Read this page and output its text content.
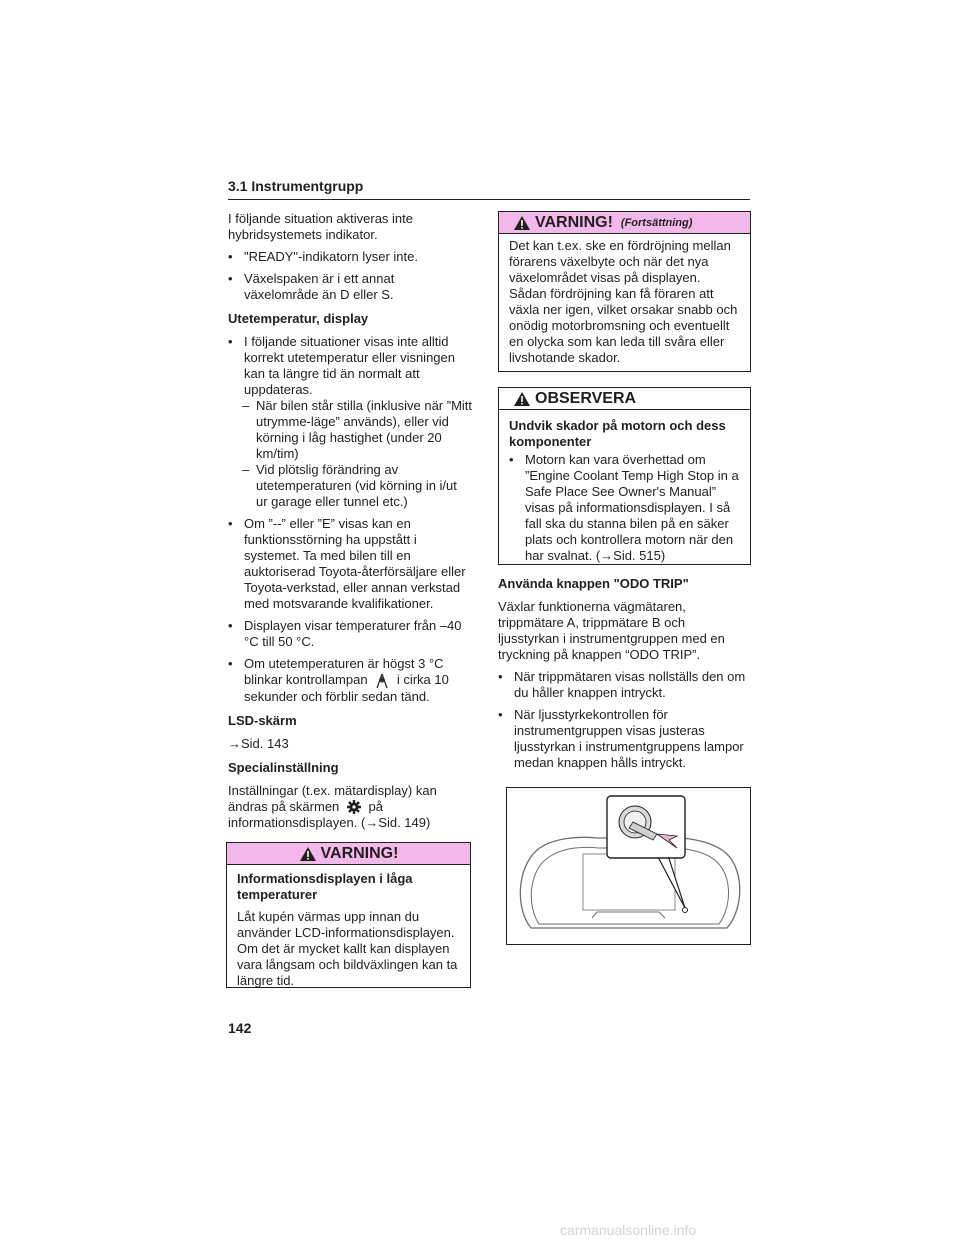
3.1 Instrumentgrupp

I följande situation aktiveras inte hybridsystemets indikator.

• "READY"-indikatorn lyser inte.
• Växelspaken är i ett annat växelområde än D eller S.
Utetemperatur, display
• I följande situationer visas inte alltid korrekt utetemperatur eller visningen kan ta längre tid än normalt att uppdateras.
– När bilen står stilla (inklusive när ”Mitt utrymme-läge” används), eller vid körning i låg hastighet (under 20 km/tim)
– Vid plötslig förändring av utetemperaturen (vid körning in i/ut ur garage eller tunnel etc.)
• Om ”--” eller ”E” visas kan en funktionsstörning ha uppstått i systemet. Ta med bilen till en auktoriserad Toyota-återförsäljare eller Toyota-verkstad, eller annan verkstad med motsvarande kvalifikationer.
• Displayen visar temperaturer från –40 °C till 50 °C.
• Om utetemperaturen är högst 3 °C blinkar kontrollampan i cirka 10 sekunder och förblir sedan tänd.
LSD-skärm

→Sid. 143

Specialinställning

Inställningar (t.ex. mätardisplay) kan ändras på skärmen på informationsdisplayen. (→Sid. 149)

VARNING!
Informationsdisplayen i låga temperaturer

Låt kupén värmas upp innan du använder LCD-informationsdisplayen. Om det är mycket kallt kan displayen vara långsam och bildväxlingen kan ta längre tid.

VARNING! (Fortsättning)

Det kan t.ex. ske en fördröjning mellan förarens växelbyte och när det nya växelområdet visas på displayen. Sådan fördröjning kan få föraren att växla ner igen, vilket orsakar snabb och onödig motorbromsning och eventuellt en olycka som kan leda till svåra eller livshotande skador.

OBSERVERA
Undvik skador på motorn och dess komponenter
• Motorn kan vara överhettad om ”Engine Coolant Temp High Stop in a Safe Place See Owner's Manual” visas på informationsdisplayen. I så fall ska du stanna bilen på en säker plats och kontrollera motorn när den har svalnat. (→Sid. 515)
Använda knappen "ODO TRIP"

Växlar funktionerna vägmätaren, trippmätare A, trippmätare B och ljusstyrkan i instrumentgruppen med en tryckning på knappen “ODO TRIP”.

• När trippmätaren visas nollställs den om du håller knappen intryckt.
• När ljusstyrkekontrollen för instrumentgruppen visas justeras ljusstyrkan i instrumentgruppens lampor medan knappen hålls intryckt.
142
carmanualsonline.info
